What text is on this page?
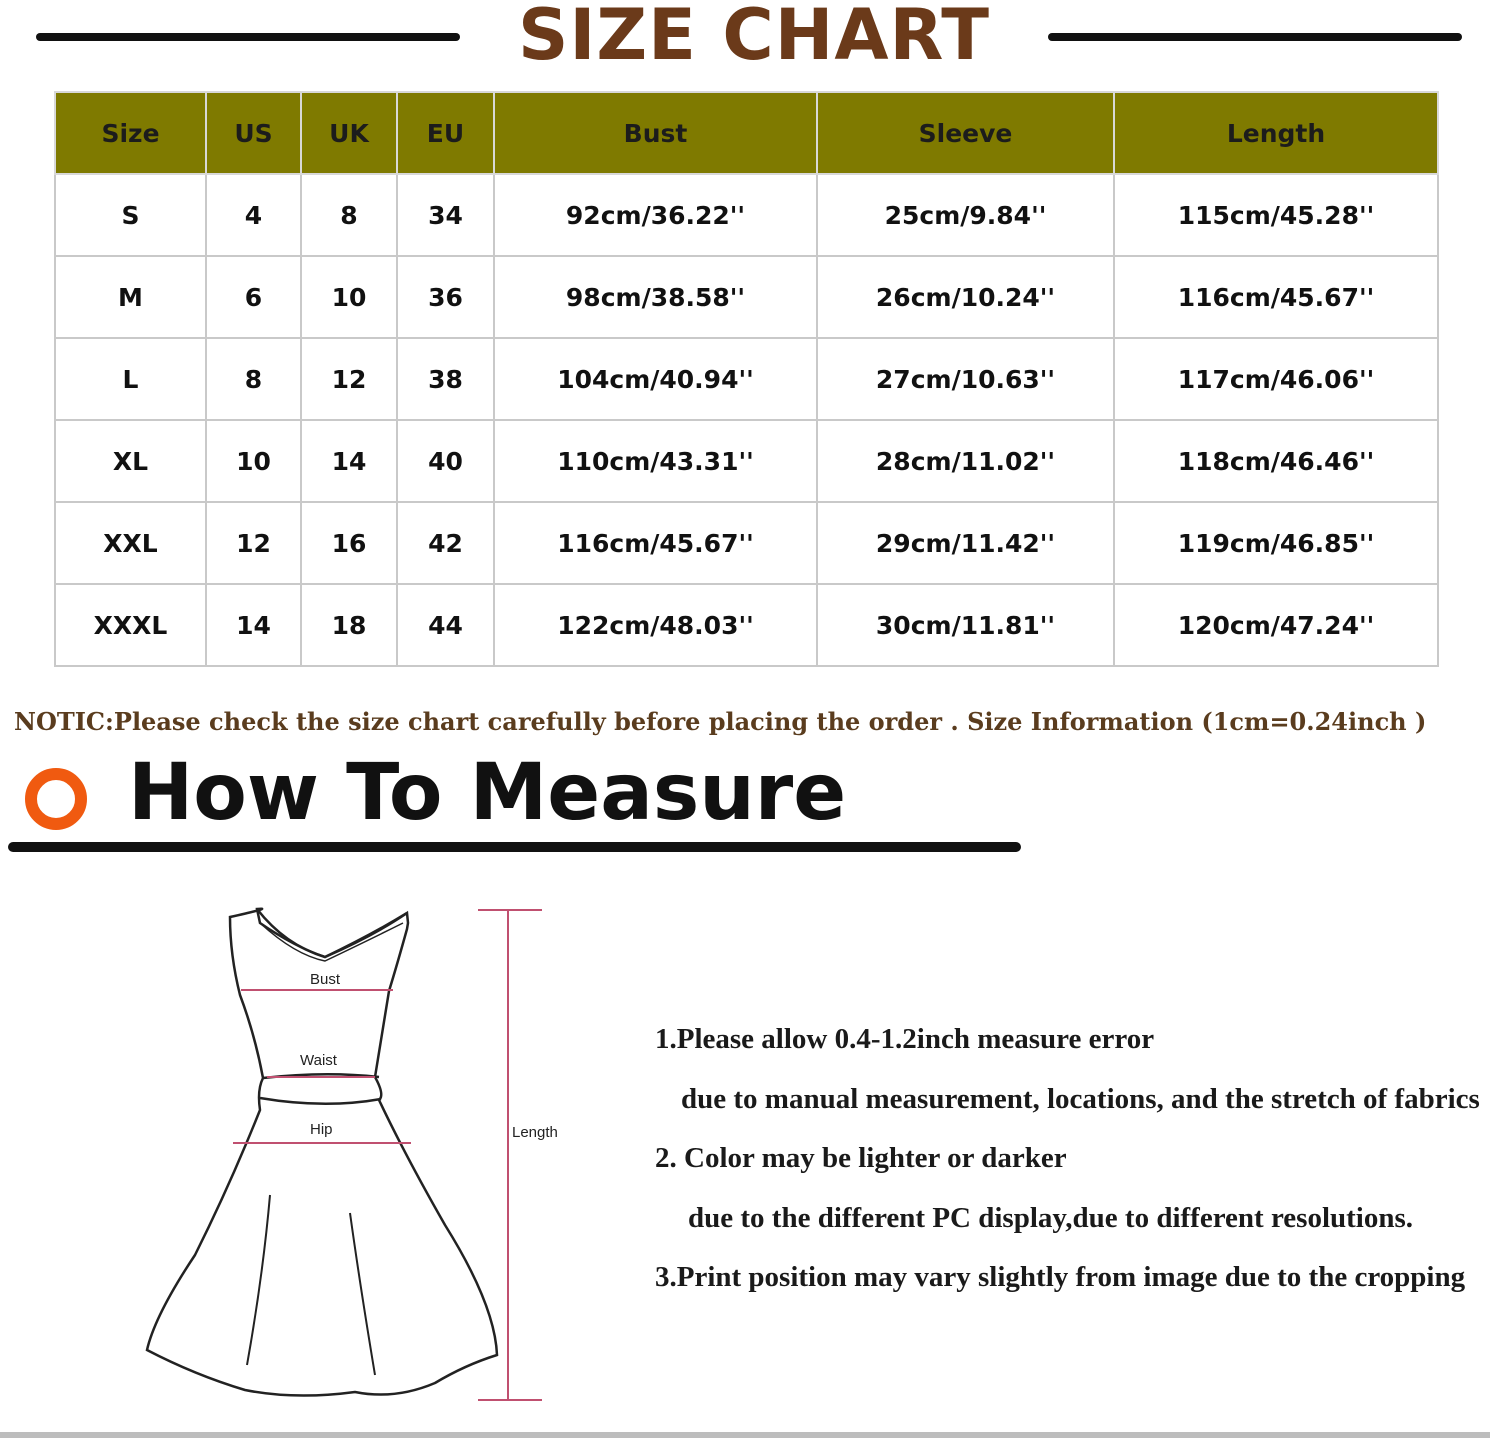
SIZE CHART
Size	US	UK	EU	Bust	Sleeve	Length
S	4	8	34	92cm/36.22''	25cm/9.84''	115cm/45.28''
M	6	10	36	98cm/38.58''	26cm/10.24''	116cm/45.67''
L	8	12	38	104cm/40.94''	27cm/10.63''	117cm/46.06''
XL	10	14	40	110cm/43.31''	28cm/11.02''	118cm/46.46''
XXL	12	16	42	116cm/45.67''	29cm/11.42''	119cm/46.85''
XXXL	14	18	44	122cm/48.03''	30cm/11.81''	120cm/47.24''
NOTIC:Please check the size chart carefully before placing the order . Size Information (1cm=0.24inch )
How To Measure
Bust
Waist
Hip	Length
1.Please allow 0.4-1.2inch measure error
due to manual measurement, locations, and the stretch of fabrics
2. Color may be lighter or darker
due to the different PC display,due to different resolutions.
3.Print position may vary slightly from image due to the cropping
